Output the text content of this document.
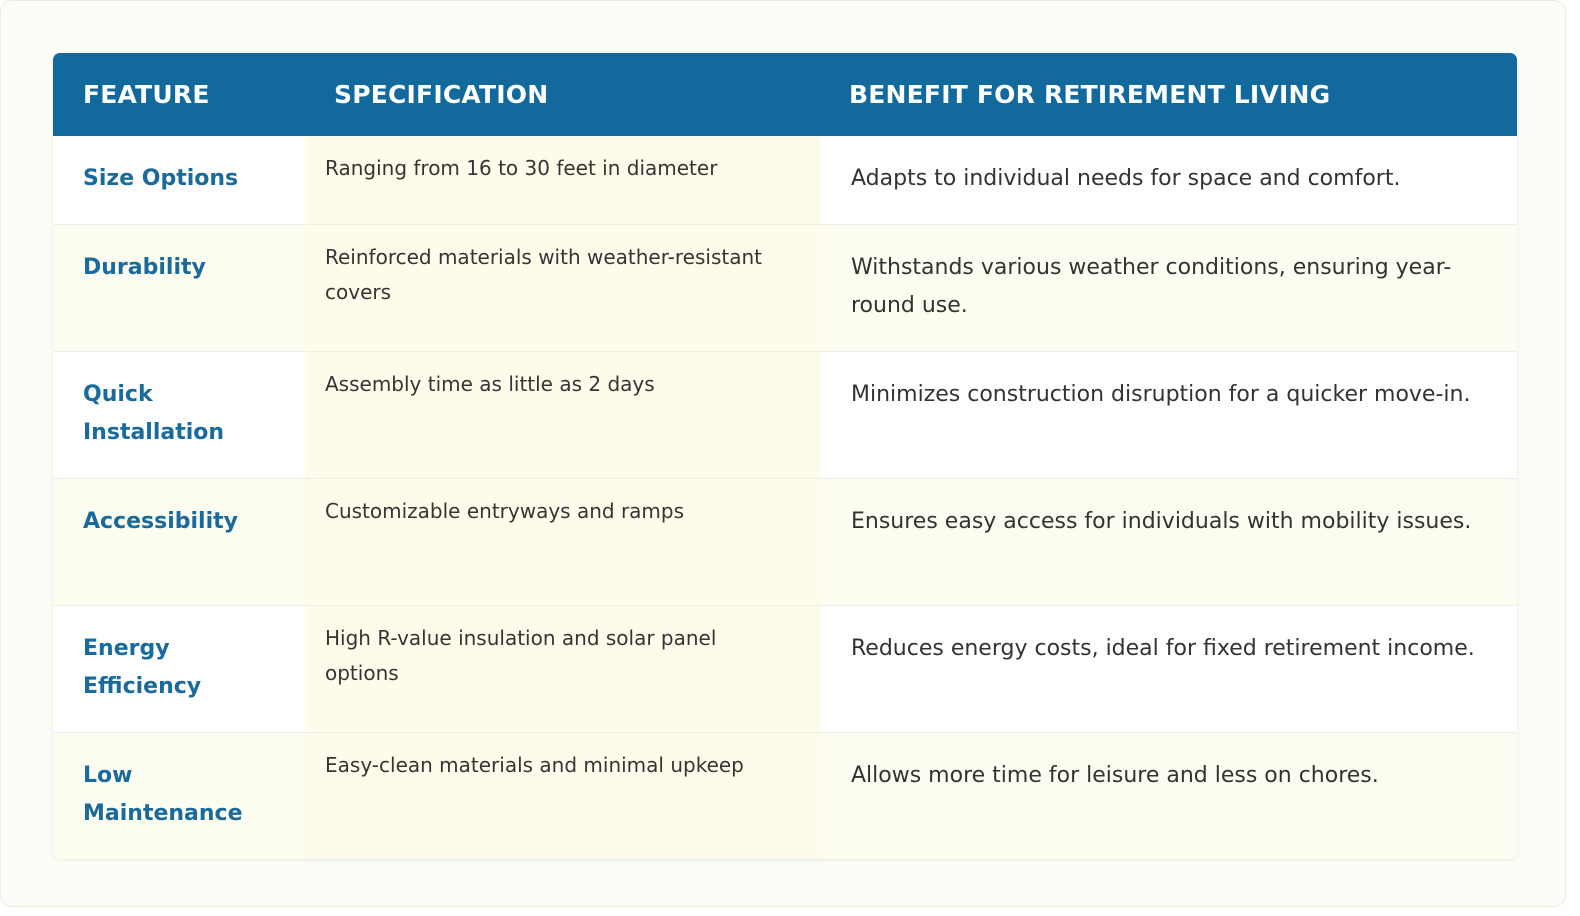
FEATURE	SPECIFICATION	BENEFIT FOR RETIREMENT LIVING
Size Options	Ranging from 16 to 30 feet in diameter	Adapts to individual needs for space and comfort.
Durability	Reinforced materials with weather-resistant covers	Withstands various weather conditions, ensuring year-round use.
Quick Installation	Assembly time as little as 2 days	Minimizes construction disruption for a quicker move-in.
Accessibility	Customizable entryways and ramps	Ensures easy access for individuals with mobility issues.
Energy Efficiency	High R-value insulation and solar panel options	Reduces energy costs, ideal for fixed retirement income.
Low Maintenance	Easy-clean materials and minimal upkeep	Allows more time for leisure and less on chores.
